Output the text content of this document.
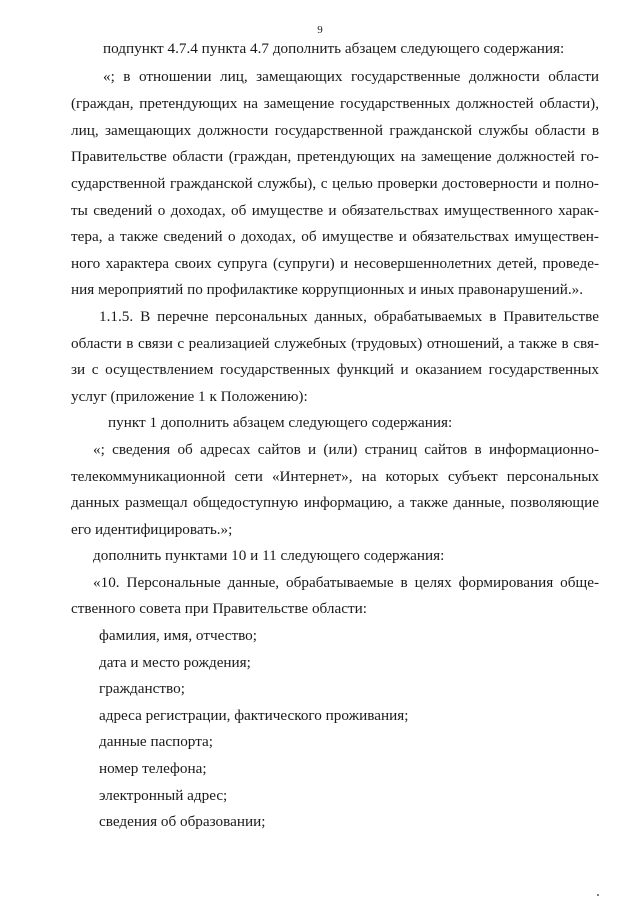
9
подпункт 4.7.4 пункта 4.7 дополнить абзацем следующего содержания:
«; в отношении лиц, замещающих государственные должности области
(граждан, претендующих на замещение государственных должностей области),
лиц, замещающих должности государственной гражданской службы области в
Правительстве области (граждан, претендующих на замещение должностей го-
сударственной гражданской службы), с целью проверки достоверности и полно-
ты сведений о доходах, об имуществе и обязательствах имущественного харак-
тера, а также сведений о доходах, об имуществе и обязательствах имуществен-
ного характера своих супруга (супруги) и несовершеннолетних детей, проведе-
ния мероприятий по профилактике коррупционных и иных правонарушений.».
1.1.5. В перечне персональных данных, обрабатываемых в Правительстве
области в связи с реализацией служебных (трудовых) отношений, а также в свя-
зи с осуществлением государственных функций и оказанием государственных
услуг (приложение 1 к Положению):
пункт 1 дополнить абзацем следующего содержания:
«; сведения об адресах сайтов и (или) страниц сайтов в информационно-
телекоммуникационной сети «Интернет», на которых субъект персональных
данных размещал общедоступную информацию, а также данные, позволяющие
его идентифицировать.»;
дополнить пунктами 10 и 11 следующего содержания:
«10. Персональные данные, обрабатываемые в целях формирования обще-
ственного совета при Правительстве области:
фамилия, имя, отчество;
дата и место рождения;
гражданство;
адреса регистрации, фактического проживания;
данные паспорта;
номер телефона;
электронный адрес;
сведения об образовании;
